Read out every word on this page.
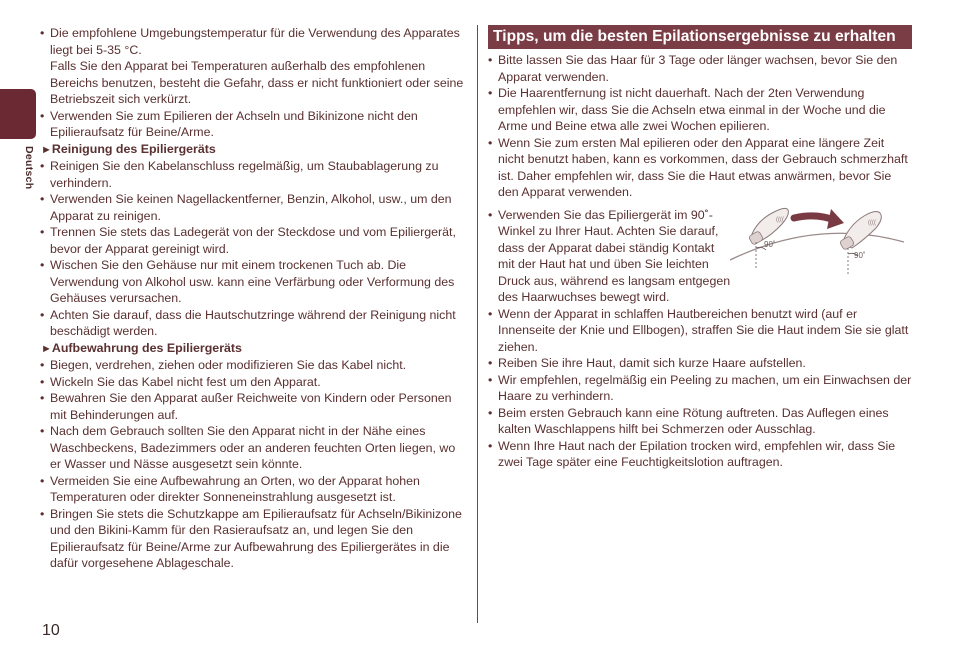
Deutsch
10
• Die empfohlene Umgebungstemperatur für die Verwendung des Apparates liegt bei 5-35 °C.
Falls Sie den Apparat bei Temperaturen außerhalb des empfohlenen Bereichs benutzen, besteht die Gefahr, dass er nicht funktioniert oder seine Betriebszeit sich verkürzt.
• Verwenden Sie zum Epilieren der Achseln und Bikinizone nicht den Epilieraufsatz für Beine/Arme.
►Reinigung des Epiliergeräts
• Reinigen Sie den Kabelanschluss regelmäßig, um Staubablagerung zu verhindern.
• Verwenden Sie keinen Nagellackentferner, Benzin, Alkohol, usw., um den Apparat zu reinigen.
• Trennen Sie stets das Ladegerät von der Steckdose und vom Epiliergerät, bevor der Apparat gereinigt wird.
• Wischen Sie den Gehäuse nur mit einem trockenen Tuch ab. Die Verwendung von Alkohol usw. kann eine Verfärbung oder Verformung des Gehäuses verursachen.
• Achten Sie darauf, dass die Hautschutzringe während der Reinigung nicht beschädigt werden.
►Aufbewahrung des Epiliergeräts
• Biegen, verdrehen, ziehen oder modifizieren Sie das Kabel nicht.
• Wickeln Sie das Kabel nicht fest um den Apparat.
• Bewahren Sie den Apparat außer Reichweite von Kindern oder Personen mit Behinderungen auf.
• Nach dem Gebrauch sollten Sie den Apparat nicht in der Nähe eines Waschbeckens, Badezimmers oder an anderen feuchten Orten liegen, wo er Wasser und Nässe ausgesetzt sein könnte.
• Vermeiden Sie eine Aufbewahrung an Orten, wo der Apparat hohen Temperaturen oder direkter Sonneneinstrahlung ausgesetzt ist.
• Bringen Sie stets die Schutzkappe am Epilieraufsatz für Achseln/Bikinizone und den Bikini-Kamm für den Rasieraufsatz an, und legen Sie den Epilieraufsatz für Beine/Arme zur Aufbewahrung des Epiliergerätes in die dafür vorgesehene Ablageschale.
Tipps, um die besten Epilationsergebnisse zu erhalten
• Bitte lassen Sie das Haar für 3 Tage oder länger wachsen, bevor Sie den Apparat verwenden.
• Die Haarentfernung ist nicht dauerhaft. Nach der 2ten Verwendung empfehlen wir, dass Sie die Achseln etwa einmal in der Woche und die Arme und Beine etwa alle zwei Wochen epilieren.
• Wenn Sie zum ersten Mal epilieren oder den Apparat eine längere Zeit nicht benutzt haben, kann es vorkommen, dass der Gebrauch schmerzhaft ist. Daher empfehlen wir, dass Sie die Haut etwas anwärmen, bevor Sie den Apparat verwenden.
• Verwenden Sie das Epiliergerät im 90˚-Winkel zu Ihrer Haut. Achten Sie darauf, dass der Apparat dabei ständig Kontakt mit der Haut hat und üben Sie leichten Druck aus, während es langsam entgegen des Haarwuchses bewegt wird.
((((
90˚
((((
90˚
• Wenn der Apparat in schlaffen Hautbereichen benutzt wird (auf er Innenseite der Knie und Ellbogen), straffen Sie die Haut indem Sie sie glatt ziehen.
• Reiben Sie ihre Haut, damit sich kurze Haare aufstellen.
• Wir empfehlen, regelmäßig ein Peeling zu machen, um ein Einwachsen der Haare zu verhindern.
• Beim ersten Gebrauch kann eine Rötung auftreten. Das Auflegen eines kalten Waschlappens hilft bei Schmerzen oder Ausschlag.
• Wenn Ihre Haut nach der Epilation trocken wird, empfehlen wir, dass Sie zwei Tage später eine Feuchtigkeitslotion auftragen.
